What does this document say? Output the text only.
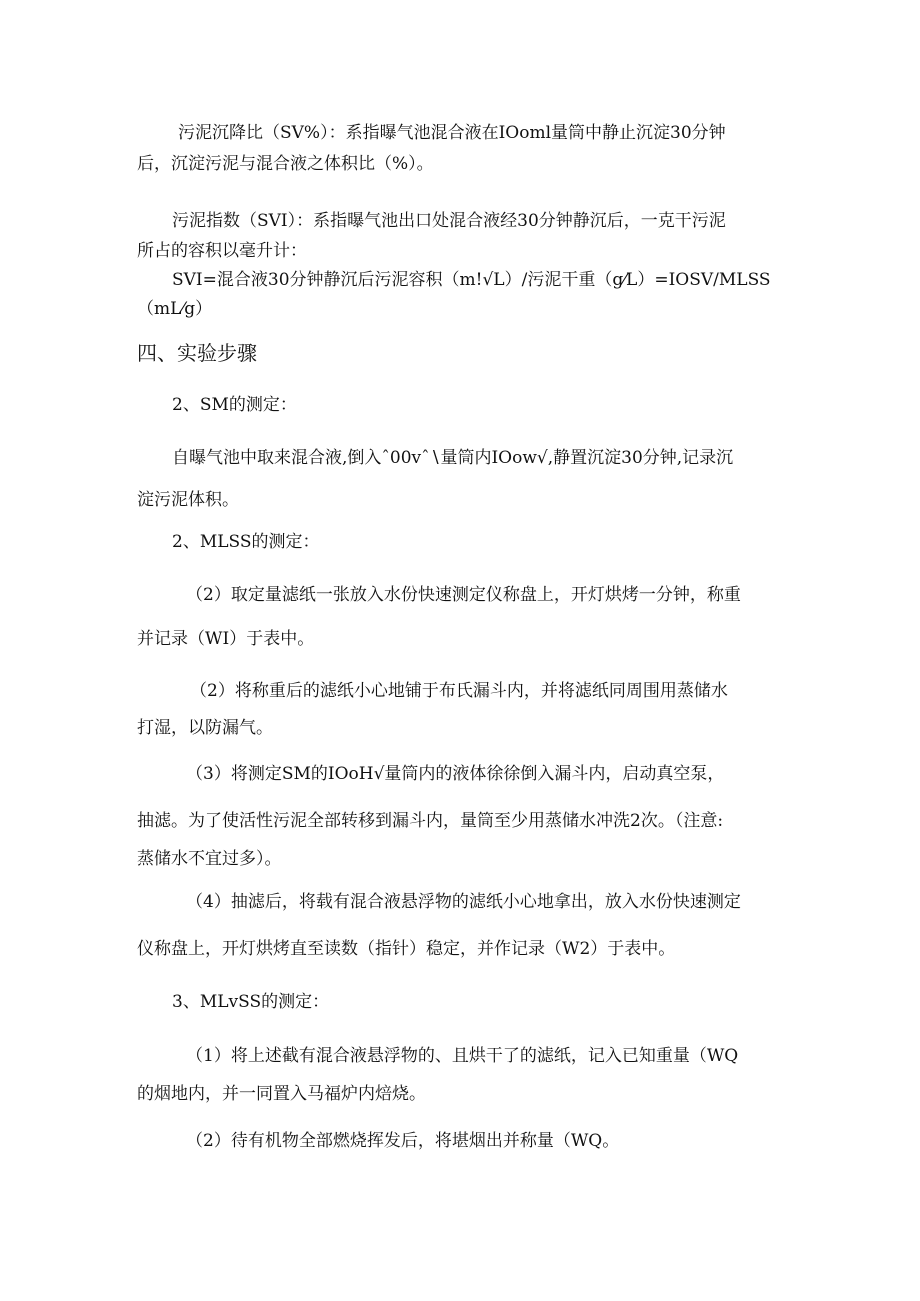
污泥沉降比（SV%）：系指曝气池混合液在IOoml量筒中静止沉淀30分钟

后，沉淀污泥与混合液之体积比（%）。

污泥指数（SVI）：系指曝气池出口处混合液经30分钟静沉后，一克干污泥

所占的容积以毫升计：

SVI=混合液30分钟静沉后污泥容积（m!√L）/污泥干重（g⁄L）=IOSV/MLSS

（mL⁄g）

四、实验步骤

2、SM的测定：

自曝气池中取来混合液,倒入ˆ00vˆ∖量筒内IOow√,静置沉淀30分钟,记录沉

淀污泥体积。

2、MLSS的测定：

（2）取定量滤纸一张放入水份快速测定仪称盘上，开灯烘烤一分钟，称重

并记录（WI）于表中。

（2）将称重后的滤纸小心地铺于布氏漏斗内，并将滤纸同周围用蒸储水

打湿，以防漏气。

（3）将测定SM的IOoH√量筒内的液体徐徐倒入漏斗内，启动真空泵，

抽滤。为了使活性污泥全部转移到漏斗内，量筒至少用蒸储水冲洗2次。（注意:

蒸储水不宜过多）。

（4）抽滤后，将载有混合液悬浮物的滤纸小心地拿出，放入水份快速测定

仪称盘上，开灯烘烤直至读数（指针）稳定，并作记录（W2）于表中。

3、MLvSS的测定：

（1）将上述截有混合液悬浮物的、且烘干了的滤纸，记入已知重量（WQ

的烟地内，并一同置入马福炉内焙烧。

（2）待有机物全部燃烧挥发后，将堪烟出并称量（WQ。
